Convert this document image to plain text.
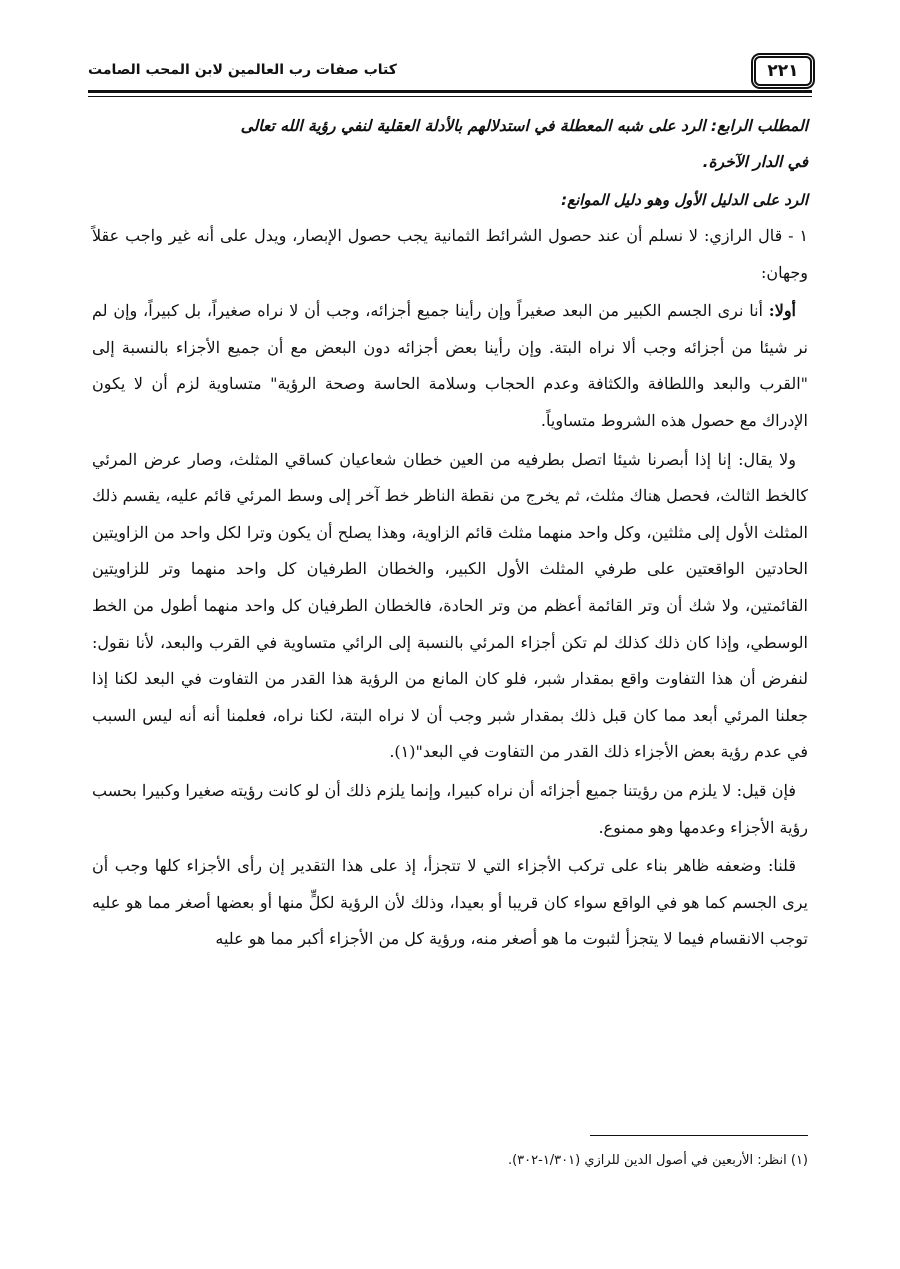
٢٢١
كتاب صفات رب العالمين لابن المحب الصامت

المطلب الرابع: الرد على شبه المعطلة في استدلالهم بالأدلة العقلية لنفي رؤية الله تعالى

في الدار الآخرة.

الرد على الدليل الأول وهو دليل الموانع:

١ - قال الرازي: لا نسلم أن عند حصول الشرائط الثمانية يجب حصول الإبصار، ويدل على أنه غير واجب عقلاً وجهان:

أولا: أنا نرى الجسم الكبير من البعد صغيراً وإن رأينا جميع أجزائه، وجب أن لا نراه صغيراً، بل كبيراً، وإن لم نر شيئا من أجزائه وجب ألا نراه البتة. وإن رأينا بعض أجزائه دون البعض مع أن جميع الأجزاء بالنسبة إلى "القرب والبعد واللطافة والكثافة وعدم الحجاب وسلامة الحاسة وصحة الرؤية" متساوية لزم أن لا يكون الإدراك مع حصول هذه الشروط متساوياً.

ولا يقال: إنا إذا أبصرنا شيئا اتصل بطرفيه من العين خطان شعاعيان كساقي المثلث، وصار عرض المرئي كالخط الثالث، فحصل هناك مثلث، ثم يخرج من نقطة الناظر خط آخر إلى وسط المرئي قائم عليه، يقسم ذلك المثلث الأول إلى مثلثين، وكل واحد منهما مثلث قائم الزاوية، وهذا يصلح أن يكون وترا لكل واحد من الزاويتين الحادتين الواقعتين على طرفي المثلث الأول الكبير، والخطان الطرفيان كل واحد منهما وتر للزاويتين القائمتين، ولا شك أن وتر القائمة أعظم من وتر الحادة، فالخطان الطرفيان كل واحد منهما أطول من الخط الوسطي، وإذا كان ذلك كذلك لم تكن أجزاء المرئي بالنسبة إلى الرائي متساوية في القرب والبعد، لأنا نقول: لنفرض أن هذا التفاوت واقع بمقدار شبر، فلو كان المانع من الرؤية هذا القدر من التفاوت في البعد لكنا إذا جعلنا المرئي أبعد مما كان قبل ذلك بمقدار شبر وجب أن لا نراه البتة، لكنا نراه، فعلمنا أنه أنه ليس السبب في عدم رؤية بعض الأجزاء ذلك القدر من التفاوت في البعد"(١).

فإن قيل: لا يلزم من رؤيتنا جميع أجزائه أن نراه كبيرا، وإنما يلزم ذلك أن لو كانت رؤيته صغيرا وكبيرا بحسب رؤية الأجزاء وعدمها وهو ممنوع.

قلنا: وضعفه ظاهر بناء على تركب الأجزاء التي لا تتجزأ، إذ على هذا التقدير إن رأى الأجزاء كلها وجب أن يرى الجسم كما هو في الواقع سواء كان قريبا أو بعيدا، وذلك لأن الرؤية لكلٍّ منها أو بعضها أصغر مما هو عليه توجب الانقسام فيما لا يتجزأ لثبوت ما هو أصغر منه، ورؤية كل من الأجزاء أكبر مما هو عليه

(١) انظر: الأربعين في أصول الدين للرازي (١/٣٠١-٣٠٢).
